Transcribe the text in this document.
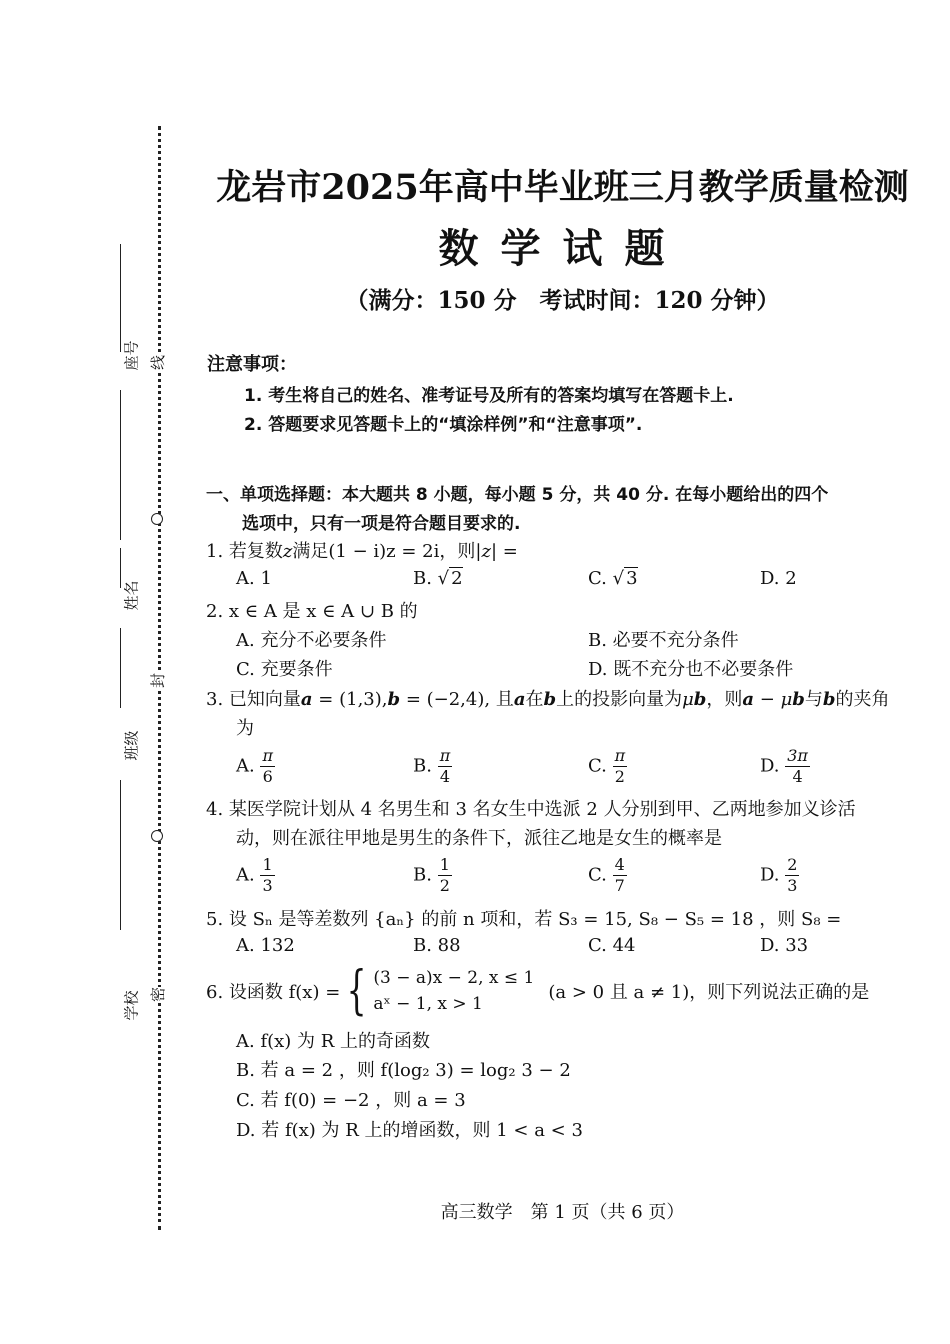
座号 线
姓名
封
班级
密
学校
龙岩市2025年高中毕业班三月教学质量检测
数学试题
（满分：150 分　考试时间：120 分钟）
注意事项：
1. 考生将自己的姓名、准考证号及所有的答案均填写在答题卡上.
2. 答题要求见答题卡上的“填涂样例”和“注意事项”.
一、单项选择题：本大题共 8 小题，每小题 5 分，共 40 分. 在每小题给出的四个
选项中，只有一项是符合题目要求的.
1. 若复数z满足(1 − i)z = 2i，则|z| =
A. 1	B. √ 2	C. √ 3	D. 2
2. x ∈ A 是 x ∈ A ∪ B 的
A. 充分不必要条件	B. 必要不充分条件
C. 充要条件	D. 既不充分也不必要条件
3. 已知向量a = (1,3),b = (−2,4), 且a在b上的投影向量为μb，则a − μb与b的夹角
为
A. $\frac{\pi}{6}$	B. $\frac{\pi}{4}$	C. $\frac{\pi}{2}$	D. $\frac{3\pi}{4}$
4. 某医学院计划从 4 名男生和 3 名女生中选派 2 人分别到甲、乙两地参加义诊活
动，则在派往甲地是男生的条件下，派往乙地是女生的概率是
A. $\frac{1}{3}$	B. $\frac{1}{2}$	C. $\frac{4}{7}$	D. $\frac{2}{3}$
5. 设 Sₙ 是等差数列 {aₙ} 的前 n 项和，若 S₃ = 15, S₈ − S₅ = 18 ，则 S₈ =
A. 132	B. 88	C. 44	D. 33
6. 设函数 f(x) = { (3 − a)x − 2, x ≤ 1
aˣ − 1, x > 1
(a > 0 且 a ≠ 1)，则下列说法正确的是
A. f(x) 为 R 上的奇函数
B. 若 a = 2 ，则 f(log₂ 3) = log₂ 3 − 2
C. 若 f(0) = −2 ，则 a = 3
D. 若 f(x) 为 R 上的增函数，则 1 < a < 3
高三数学　第 1 页（共 6 页）
